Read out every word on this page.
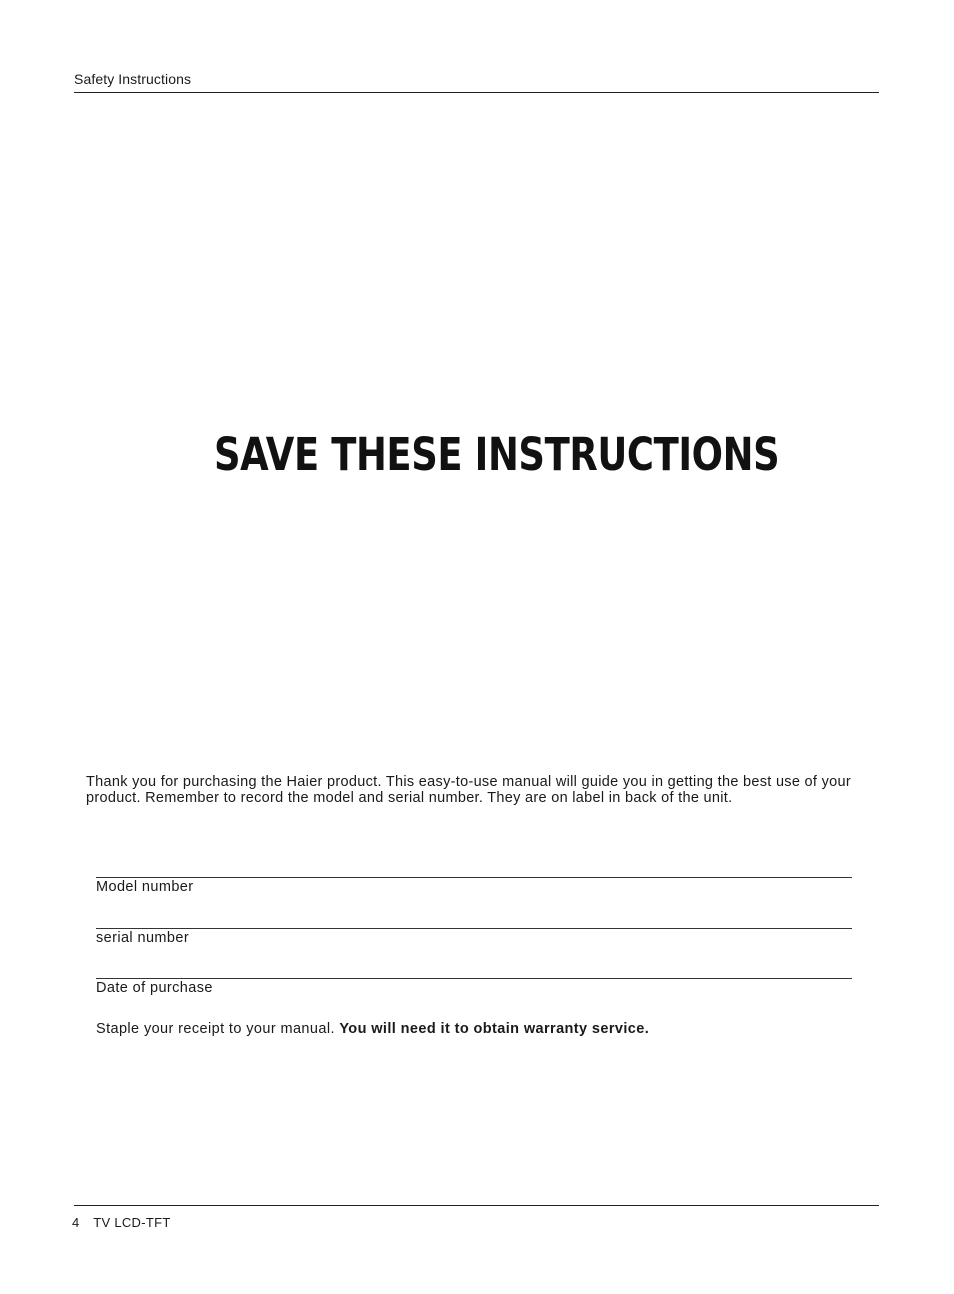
Safety Instructions
SAVE THESE INSTRUCTIONS

Thank you for purchasing the Haier product. This easy-to-use manual will guide you in getting the best use of your

product. Remember to record the model and serial number. They are on label in back of the unit.

Model number
serial number
Date of purchase
Staple your receipt to your manual. You will need it to obtain warranty service.
4 TV LCD-TFT
